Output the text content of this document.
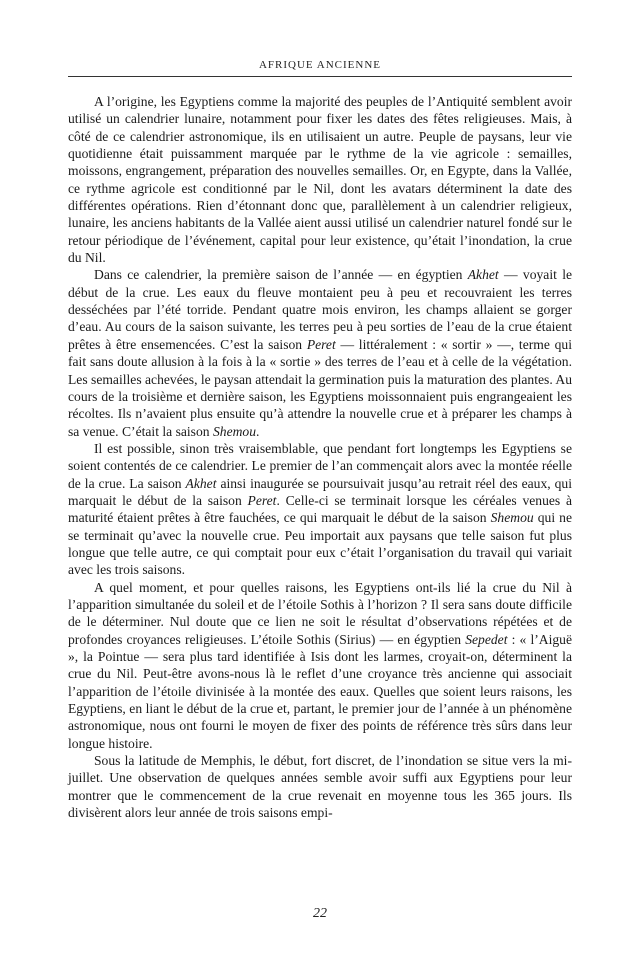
AFRIQUE ANCIENNE

A l’origine, les Egyptiens comme la majorité des peuples de l’Antiquité semblent avoir utilisé un calendrier lunaire, notamment pour fixer les dates des fêtes religieuses. Mais, à côté de ce calendrier astronomique, ils en utilisaient un autre. Peuple de paysans, leur vie quotidienne était puissamment marquée par le rythme de la vie agricole : semailles, moissons, engrangement, préparation des nouvelles semailles. Or, en Egypte, dans la Vallée, ce rythme agricole est conditionné par le Nil, dont les avatars déterminent la date des différentes opérations. Rien d’étonnant donc que, parallèlement à un calendrier religieux, lunaire, les anciens habitants de la Vallée aient aussi utilisé un calendrier naturel fondé sur le retour périodique de l’événement, capital pour leur existence, qu’était l’inondation, la crue du Nil.

Dans ce calendrier, la première saison de l’année — en égyptien Akhet — voyait le début de la crue. Les eaux du fleuve montaient peu à peu et recouvraient les terres desséchées par l’été torride. Pendant quatre mois environ, les champs allaient se gorger d’eau. Au cours de la saison suivante, les terres peu à peu sorties de l’eau de la crue étaient prêtes à être ensemencées. C’est la saison Peret — littéralement : « sortir » —, terme qui fait sans doute allusion à la fois à la « sortie » des terres de l’eau et à celle de la végétation. Les semailles achevées, le paysan attendait la germination puis la maturation des plantes. Au cours de la troisième et dernière saison, les Egyptiens moissonnaient puis engrangeaient les récoltes. Ils n’avaient plus ensuite qu’à attendre la nouvelle crue et à préparer les champs à sa venue. C’était la saison Shemou.

Il est possible, sinon très vraisemblable, que pendant fort longtemps les Egyptiens se soient contentés de ce calendrier. Le premier de l’an commençait alors avec la montée réelle de la crue. La saison Akhet ainsi inaugurée se poursuivait jusqu’au retrait réel des eaux, qui marquait le début de la saison Peret. Celle-ci se terminait lorsque les céréales venues à maturité étaient prêtes à être fauchées, ce qui marquait le début de la saison Shemou qui ne se terminait qu’avec la nouvelle crue. Peu importait aux paysans que telle saison fut plus longue que telle autre, ce qui comptait pour eux c’était l’organisation du travail qui variait avec les trois saisons.

A quel moment, et pour quelles raisons, les Egyptiens ont-ils lié la crue du Nil à l’apparition simultanée du soleil et de l’étoile Sothis à l’horizon ? Il sera sans doute difficile de le déterminer. Nul doute que ce lien ne soit le résultat d’observations répétées et de profondes croyances religieuses. L’étoile Sothis (Sirius) — en égyptien Sepedet : « l’Aiguë », la Pointue — sera plus tard identifiée à Isis dont les larmes, croyait-on, déterminent la crue du Nil. Peut-être avons-nous là le reflet d’une croyance très ancienne qui associait l’apparition de l’étoile divinisée à la montée des eaux. Quelles que soient leurs raisons, les Egyptiens, en liant le début de la crue et, partant, le premier jour de l’année à un phénomène astronomique, nous ont fourni le moyen de fixer des points de référence très sûrs dans leur longue histoire.

Sous la latitude de Memphis, le début, fort discret, de l’inondation se situe vers la mi-juillet. Une observation de quelques années semble avoir suffi aux Egyptiens pour leur montrer que le commencement de la crue revenait en moyenne tous les 365 jours. Ils divisèrent alors leur année de trois saisons empi-

22
